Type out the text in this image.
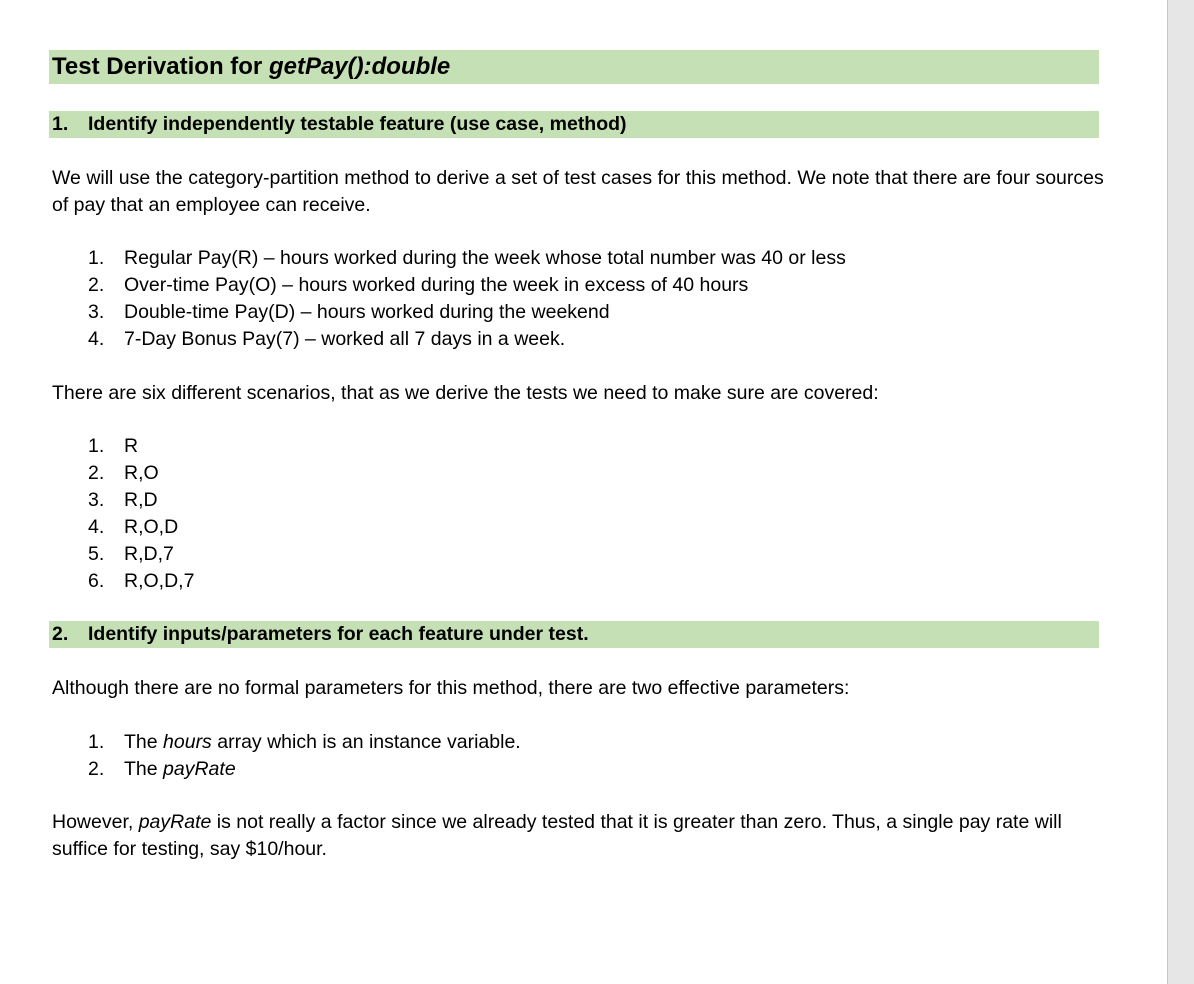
Test Derivation for getPay():double
1. Identify independently testable feature (use case, method)
We will use the category-partition method to derive a set of test cases for this method. We note that there are four sources of pay that an employee can receive.
1. Regular Pay(R) – hours worked during the week whose total number was 40 or less
2. Over-time Pay(O) – hours worked during the week in excess of 40 hours
3. Double-time Pay(D) – hours worked during the weekend
4. 7-Day Bonus Pay(7) – worked all 7 days in a week.
There are six different scenarios, that as we derive the tests we need to make sure are covered:
1. R
2. R,O
3. R,D
4. R,O,D
5. R,D,7
6. R,O,D,7
2. Identify inputs/parameters for each feature under test.
Although there are no formal parameters for this method, there are two effective parameters:
1. The hours array which is an instance variable.
2. The payRate
However, payRate is not really a factor since we already tested that it is greater than zero. Thus, a single pay rate will suffice for testing, say $10/hour.
